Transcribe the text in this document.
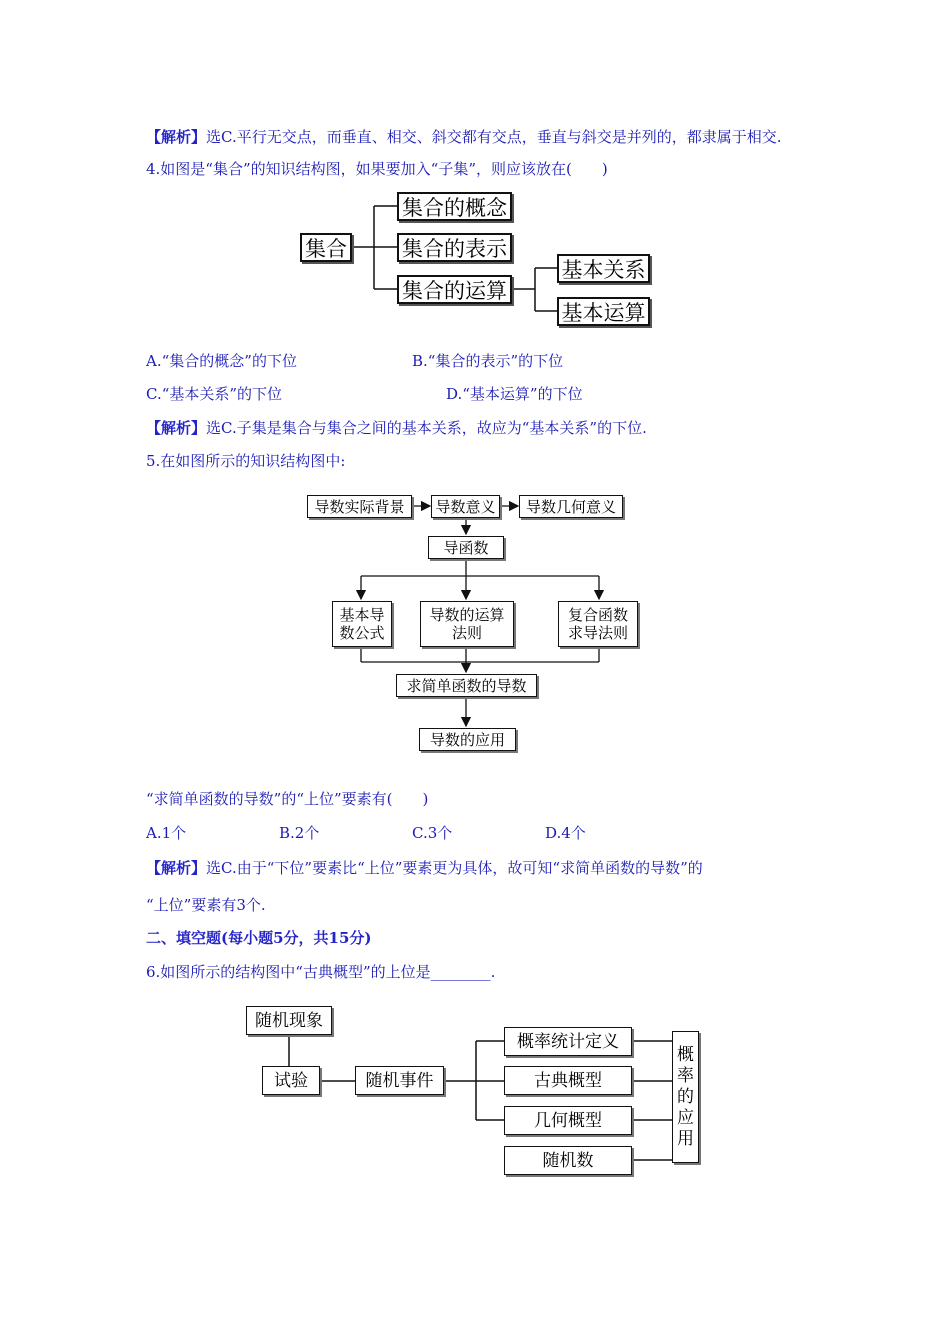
【解析】选C.平行无交点，而垂直、相交、斜交都有交点，垂直与斜交是并列的，都隶属于相交.
4.如图是“集合”的知识结构图，如果要加入“子集”，则应该放在(　　)
集合
集合的概念
集合的表示
集合的运算
基本关系
基本运算
A.“集合的概念”的下位	B.“集合的表示”的下位
C.“基本关系”的下位	D.“基本运算”的下位
【解析】选C.子集是集合与集合之间的基本关系，故应为“基本关系”的下位.
5.在如图所示的知识结构图中:
导数实际背景	导数意义	导数几何意义
导函数
基本导
数公式
导数的运算
法则
复合函数
求导法则
求简单函数的导数
导数的应用
“求简单函数的导数”的“上位”要素有(　　)
A.1个	B.2个	C.3个	D.4个
【解析】选C.由于“下位”要素比“上位”要素更为具体，故可知“求简单函数的导数”的
“上位”要素有3个.
二、填空题(每小题5分，共15分)
6.如图所示的结构图中“古典概型”的上位是________.
随机现象
试验	随机事件
概率统计定义
古典概型
几何概型
随机数
概
率
的
应
用
